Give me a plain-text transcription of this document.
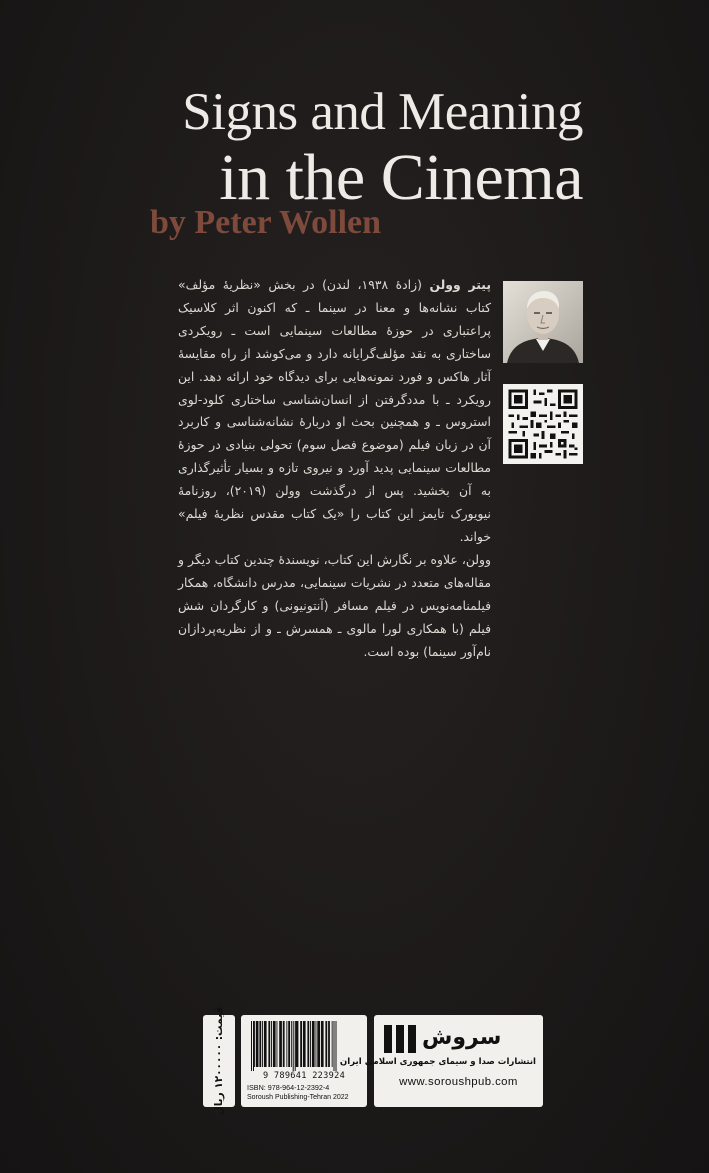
Signs and Meaning
in the Cinema
by Peter Wollen

پیتر وولن (زادهٔ ۱۹۳۸، لندن) در بخش «نظریهٔ مؤلف» کتاب نشانه‌ها و معنا در سینما ـ که اکنون اثر کلاسیک پراعتباری در حوزهٔ مطالعات سینمایی است ـ رویکردی ساختاری به نقد مؤلف‌گرایانه دارد و می‌کوشد از راه مقایسهٔ آثار هاکس و فورد نمونه‌هایی برای دیدگاه خود ارائه دهد. این رویکرد ـ با مددگرفتن از انسان‌شناسی ساختاری کلود-لوی استروس ـ و همچنین بحث او دربارهٔ نشانه‌شناسی و کاربرد آن در زبان فیلم (موضوع فصل سوم) تحولی بنیادی در حوزهٔ مطالعات سینمایی پدید آورد و نیروی تازه و بسیار تأثیرگذاری به آن بخشید. پس از درگذشت وولن (۲۰۱۹)، روزنامهٔ نیویورک تایمز این کتاب را «یک کتاب مقدس نظریهٔ فیلم» خواند.

وولن، علاوه بر نگارش این کتاب، نویسندهٔ چندین کتاب دیگر و مقاله‌های متعدد در نشریات سینمایی، مدرس دانشگاه، همکار فیلمنامه‌نویس در فیلم مسافر (آنتونیونی) و کارگردان شش فیلم (با همکاری لورا مالوی ـ همسرش ـ و از نظریه‌پردازان نام‌آور سینما) بوده است.

قیمت: ۱۲۰۰۰۰۰ ریال
9 789641 223924
ISBN: 978-964-12-2392-4
Soroush Publishing-Tehran 2022
سروش
انتشارات صدا و سیمای جمهوری اسلامی ایران
www.soroushpub.com
